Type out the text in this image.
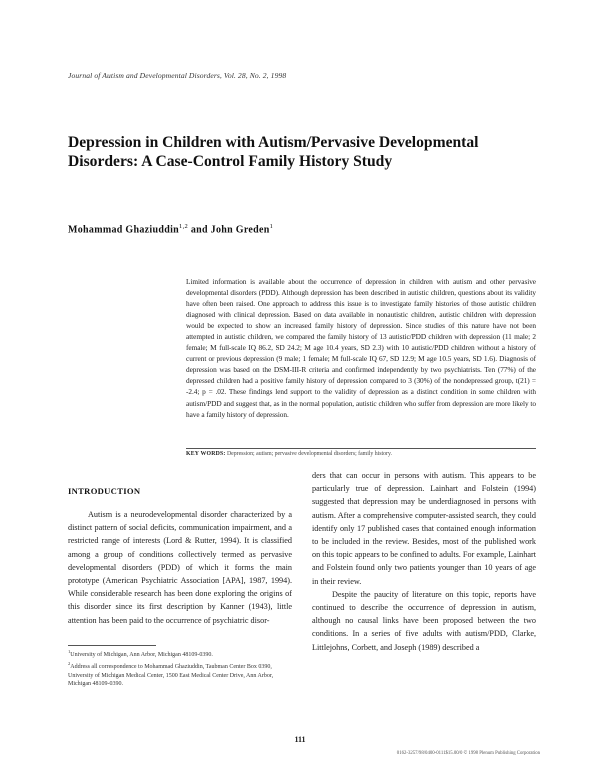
Journal of Autism and Developmental Disorders, Vol. 28, No. 2, 1998
Depression in Children with Autism/Pervasive Developmental Disorders: A Case-Control Family History Study
Mohammad Ghaziuddin$^{1,2}$ and John Greden$^1$

Limited information is available about the occurrence of depression in children with autism and other pervasive developmental disorders (PDD). Although depression has been described in autistic children, questions about its validity have often been raised. One approach to address this issue is to investigate family histories of those autistic children diagnosed with clinical depression. Based on data available in nonautistic children, autistic children with depression would be expected to show an increased family history of depression. Since studies of this nature have not been attempted in autistic children, we compared the family history of 13 autistic/PDD children with depression (11 male; 2 female; M full-scale IQ 86.2, SD 24.2; M age 10.4 years, SD 2.3) with 10 autistic/PDD children without a history of current or previous depression (9 male; 1 female; M full-scale IQ 67, SD 12.9; M age 10.5 years, SD 1.6). Diagnosis of depression was based on the DSM-III-R criteria and confirmed independently by two psychiatrists. Ten (77%) of the depressed children had a positive family history of depression compared to 3 (30%) of the nondepressed group, t(21) = -2.4; p = .02. These findings lend support to the validity of depression as a distinct condition in some children with autism/PDD and suggest that, as in the normal population, autistic children who suffer from depression are more likely to have a family history of depression.

KEY WORDS: Depression; autism; pervasive developmental disorders; family history.
INTRODUCTION
Autism is a neurodevelopmental disorder characterized by a distinct pattern of social deficits, communication impairment, and a restricted range of interests (Lord & Rutter, 1994). It is classified among a group of conditions collectively termed as pervasive developmental disorders (PDD) of which it forms the main prototype (American Psychiatric Association [APA], 1987, 1994). While considerable research has been done exploring the origins of this disorder since its first description by Kanner (1943), little attention has been paid to the occurrence of psychiatric disor-
ders that can occur in persons with autism. This appears to be particularly true of depression. Lainhart and Folstein (1994) suggested that depression may be underdiagnosed in persons with autism. After a comprehensive computer-assisted search, they could identify only 17 published cases that contained enough information to be included in the review. Besides, most of the published work on this topic appears to be confined to adults. For example, Lainhart and Folstein found only two patients younger than 10 years of age in their review.
Despite the paucity of literature on this topic, reports have continued to describe the occurrence of depression in autism, although no causal links have been proposed between the two conditions. In a series of five adults with autism/PDD, Clarke, Littlejohns, Corbett, and Joseph (1989) described a
$^1$University of Michigan, Ann Arbor, Michigan 48109-0390.
$^2$Address all correspondence to Mohammad Ghaziuddin, Taubman Center Box 0390, University of Michigan Medical Center, 1500 East Medical Center Drive, Ann Arbor, Michigan 48109-0390.
111
0162-3257/98/0400-0111$15.00/0 © 1998 Plenum Publishing Corporation
